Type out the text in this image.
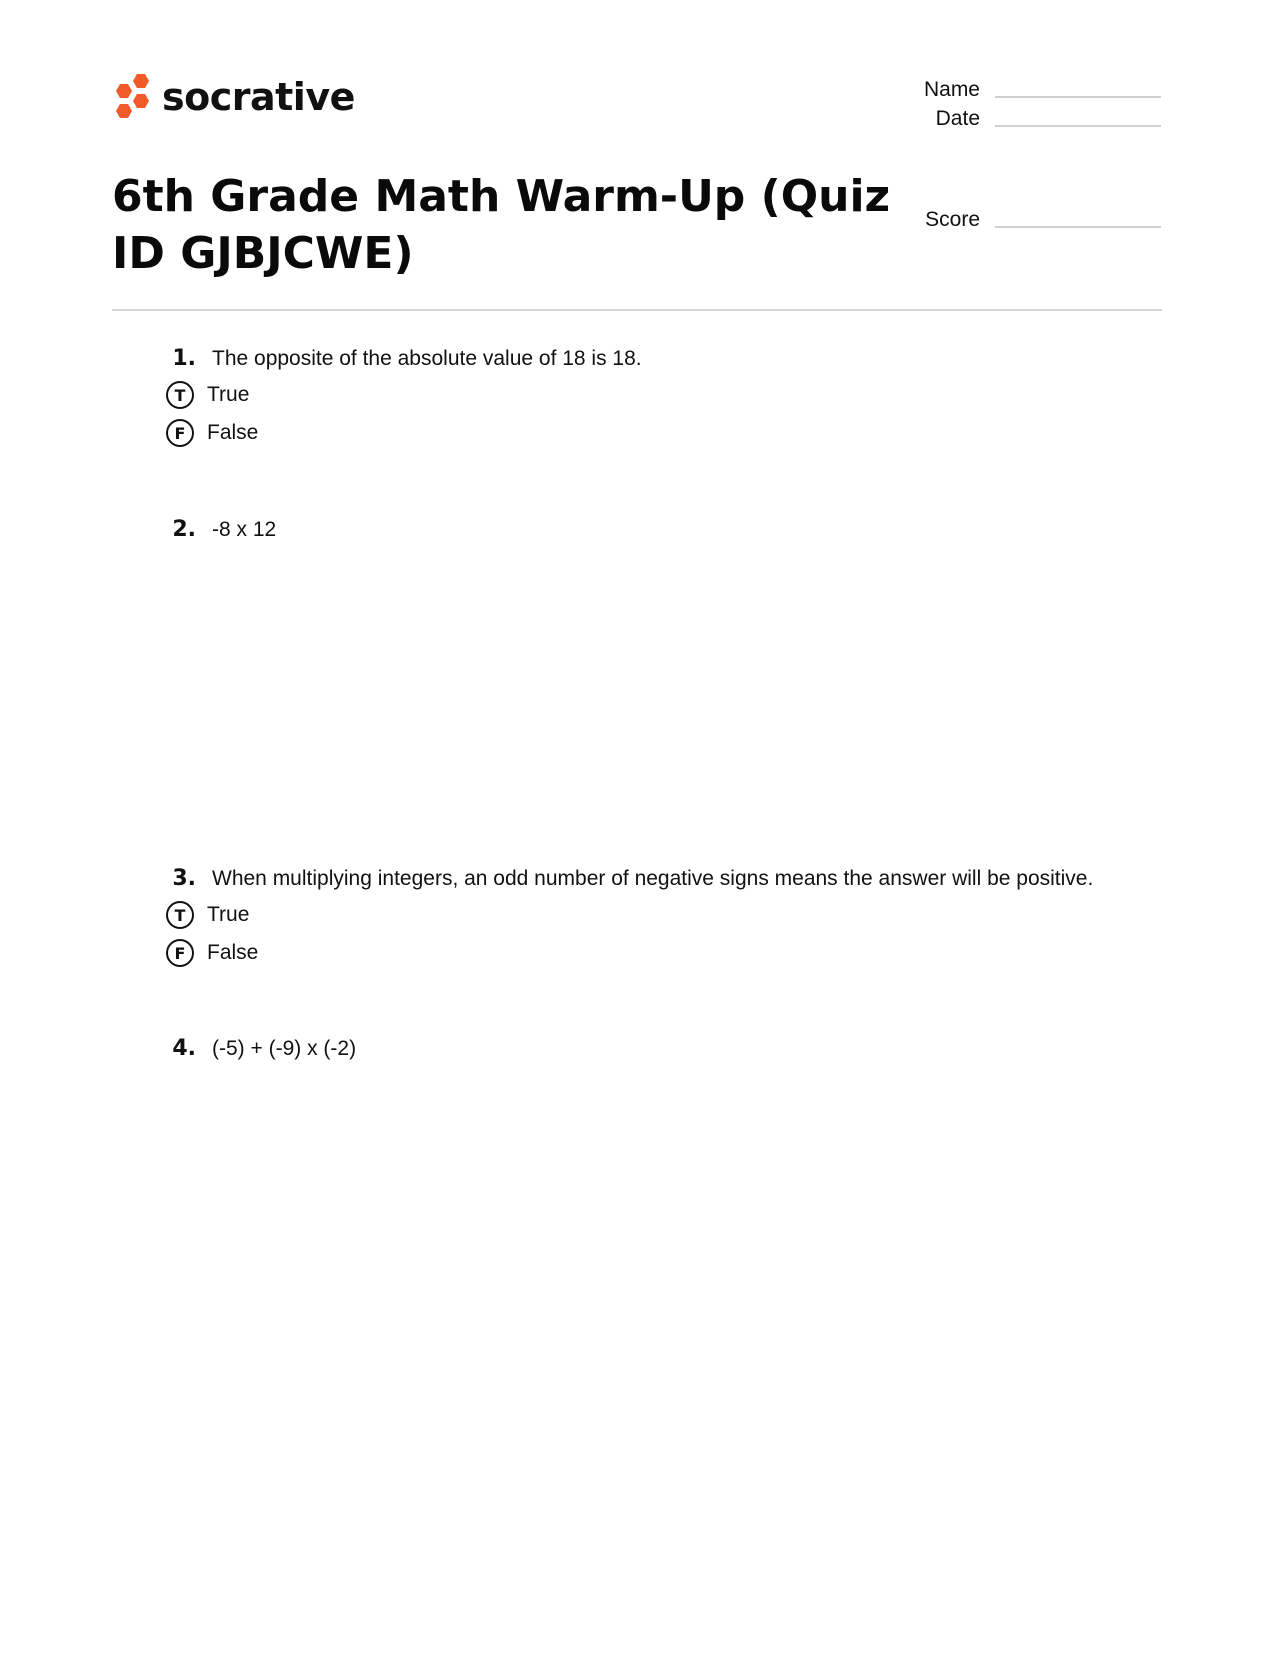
socrative
6th Grade Math Warm-Up (Quiz ID GJBJCWE)
Name
Date
Score
1. The opposite of the absolute value of 18 is 18.
T	True
F	False
2. -8 x 12
3. When multiplying integers, an odd number of negative signs means the answer will be positive.
T	True
F	False
4. (-5) + (-9) x (-2)
